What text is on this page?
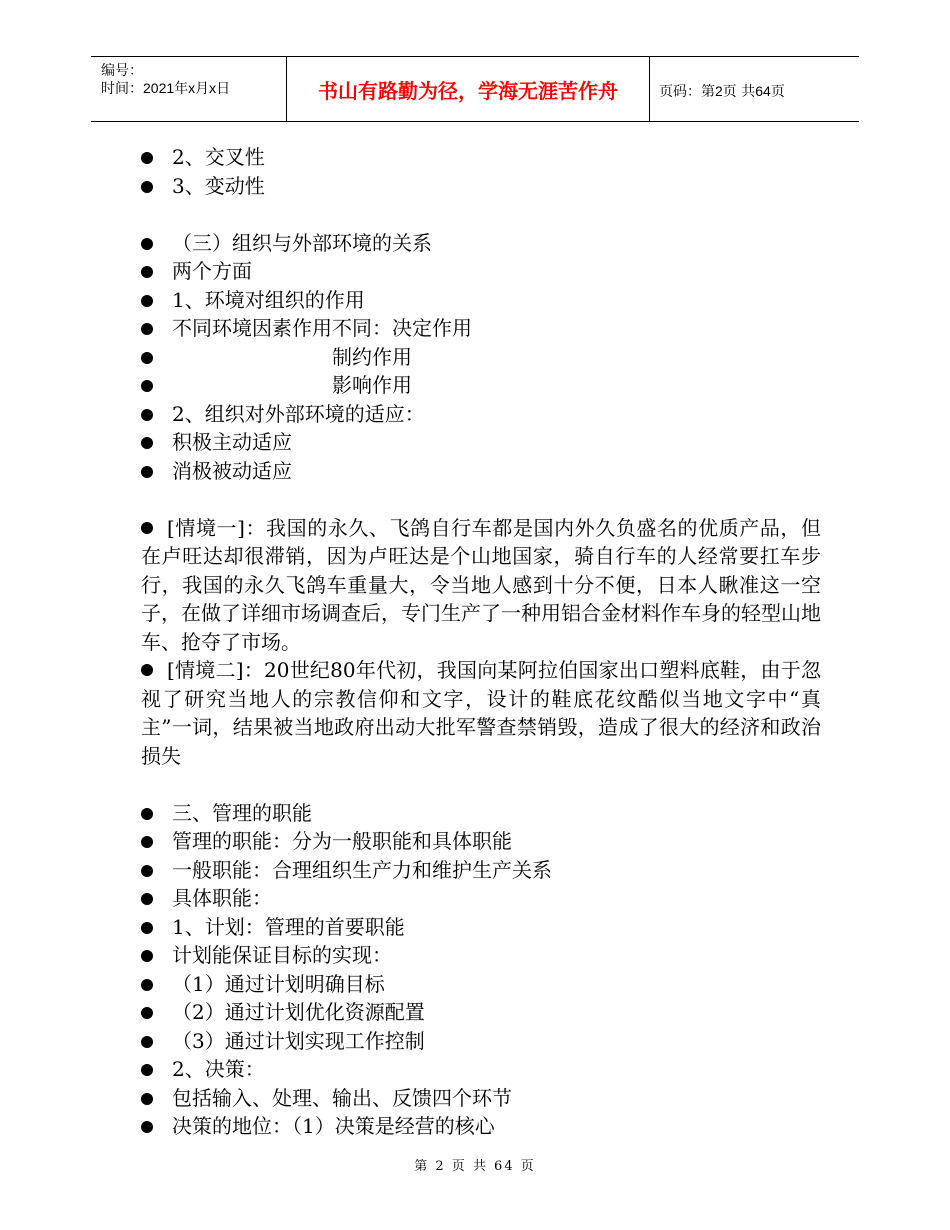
编号：
时间：2021年x月x日	书山有路勤为径，学海无涯苦作舟	页码：第2页 共64页
2、交叉性
3、变动性
（三）组织与外部环境的关系
两个方面
1、环境对组织的作用
不同环境因素作用不同：决定作用
制约作用
影响作用
2、组织对外部环境的适应：
积极主动适应
消极被动适应
[情境一]：我国的永久、飞鸽自行车都是国内外久负盛名的优质产品，但在卢旺达却很滞销，因为卢旺达是个山地国家，骑自行车的人经常要扛车步行，我国的永久飞鸽车重量大，令当地人感到十分不便，日本人瞅准这一空子，在做了详细市场调查后，专门生产了一种用铝合金材料作车身的轻型山地车、抢夺了市场。
[情境二]：20世纪80年代初，我国向某阿拉伯国家出口塑料底鞋，由于忽视了研究当地人的宗教信仰和文字，设计的鞋底花纹酷似当地文字中“真主”一词，结果被当地政府出动大批军警查禁销毁，造成了很大的经济和政治损失
三、管理的职能
管理的职能：分为一般职能和具体职能
一般职能：合理组织生产力和维护生产关系
具体职能：
1、计划：管理的首要职能
计划能保证目标的实现：
（1）通过计划明确目标
（2）通过计划优化资源配置
（3）通过计划实现工作控制
2、决策：
包括输入、处理、输出、反馈四个环节
决策的地位：（1）决策是经营的核心
第 2 页 共 64 页
